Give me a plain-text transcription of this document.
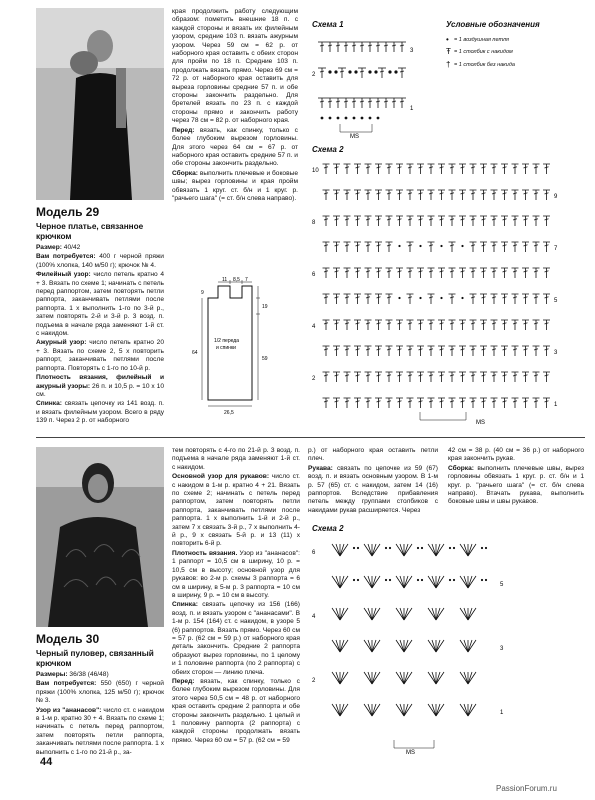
Модель 29
Черное платье, связанное крючком

Размер: 40/42

Вам потребуется: 400 г черной пряжи (100% хлопка, 140 м/50 г); крючок № 4.

Филейный узор: число петель кратно 4 + 3. Вязать по схеме 1; начинать с петель перед раппортом, затем повторять петли раппорта, заканчивать петлями после раппорта. 1 х выполнить 1-го по 3-й р., затем повторять 2-й и 3-й р. 3 возд. п. подъема в начале ряда заменяют 1-й ст. с накидом.

Ажурный узор: число петель кратно 20 + 3. Вязать по схеме 2, 5 х повторить раппорт, заканчивать петлями после раппорта. Повторять с 1-го по 10-й р.

Плотность вязания, филейный и ажурный узоры: 26 п. и 10,5 р. = 10 х 10 см.

Спинка: связать цепочку из 141 возд. п. и вязать филейным узором. Всего в ряду 139 п. Через 2 р. от наборного

края продолжить работу следующим образом: пометить внешние 18 п. с каждой стороны и вязать их филейным узором, средние 103 п. вязать ажурным узором. Через 59 см = 62 р. от наборного края оставить с обеих сторон для пройм по 18 п. Средние 103 п. продолжать вязать прямо. Через 69 см = 72 р. от наборного края оставить для выреза горловины средние 57 п. и обе стороны закончить раздельно. Для бретелей вязать по 23 п. с каждой стороны прямо и закончить работу через 78 см = 82 р. от наборного края.

Перед: вязать, как спинку, только с более глубоким вырезом горловины. Для этого через 64 см = 67 р. от наборного края оставить средние 57 п. и обе стороны закончить раздельно.

Сборка: выполнить плечевые и боковые швы; вырез горловины и края пройм обвязать 1 круг. ст. б/н и 1 круг. р. "рачьего шага" (= ст. б/н слева направо).

11 8,5 7
9
19
59
64
1/2 переда
и спинки
26,5
Схема 1
3
2
1
MS
Условные обозначения
• = 1 воздушная петля
Ŧ = 1 столбик с накидом
† = 1 столбик без накида
Схема 2
10
9
8
7
6
5
4
3
2
1
MS
Модель 30
Черный пуловер, связанный крючком

Размеры: 36/38 (46/48)

Вам потребуется: 550 (650) г черной пряжи (100% хлопка, 125 м/50 г); крючок № 3.

Узор из "ананасов": число ст. с накидом в 1-м р. кратно 30 + 4. Вязать по схеме 1; начинать с петель перед раппортом, затем повторять петли раппорта, заканчивать петлями после раппорта. 1 х выполнить с 1-го по 21-й р., за-

тем повторять с 4-го по 21-й р. 3 возд. п. подъема в начале ряда заменяют 1-й ст. с накидом.

Основной узор для рукавов: число ст. с накидом в 1-м р. кратно 4 + 21. Вязать по схеме 2; начинать с петель перед раппортом, затем повторять петли раппорта, заканчивать петлями после раппорта. 1 х выполнить 1-й и 2-й р., затем 7 х связать 3-й р., 7 х выполнить 4-й р., 9 х связать 5-й р. и 13 (11) х повторить 6-й р.

Плотность вязания. Узор из "ананасов": 1 раппорт = 10,5 см в ширину, 10 р. = 10,5 см в высоту; основной узор для рукавов: во 2-м р. схемы 3 раппорта = 6 см в ширину, в 5-м р. 3 раппорта = 10 см в ширину, 9 р. = 10 см в высоту.

Спинка: связать цепочку из 156 (166) возд. п. и вязать узором с "ананасами". В 1-м р. 154 (164) ст. с накидом, в узоре 5 (6) раппортов. Вязать прямо. Через 60 см = 57 р. (62 см = 59 р.) от наборного края деталь закончить. Средние 2 раппорта образуют вырез горловины, по 1 целому и 1 половине раппорта (по 2 раппорта) с обеих сторон — линию плеча.

Перед: вязать, как спинку, только с более глубоким вырезом горловины. Для этого через 50,5 см = 48 р. от наборного края оставить средние 2 раппорта и обе стороны закончить раздельно. 1 целый и 1 половину раппорта (2 раппорта) с каждой стороны продолжать вязать прямо. Через 60 см = 57 р. (62 см = 59

р.) от наборного края оставить петли плеч.

Рукава: связать по цепочке из 59 (67) возд. п. и вязать основным узором. В 1-м р. 57 (65) ст. с накидом, затем 14 (16) раппортов. Вследствие прибавления петель между группами столбиков с накидами рукав расширяется. Через

42 см = 38 р. (40 см = 36 р.) от наборного края закончить рукав.

Сборка: выполнить плечевые швы, вырез горловины обвязать 1 круг. р. ст. б/н и 1 круг. р. "рачьего шага" (= ст. б/н слева направо). Втачать рукава, выполнить боковые швы и швы рукавов.

Схема 2
6
5
4
3
2
1
MS
44
PassionForum.ru
